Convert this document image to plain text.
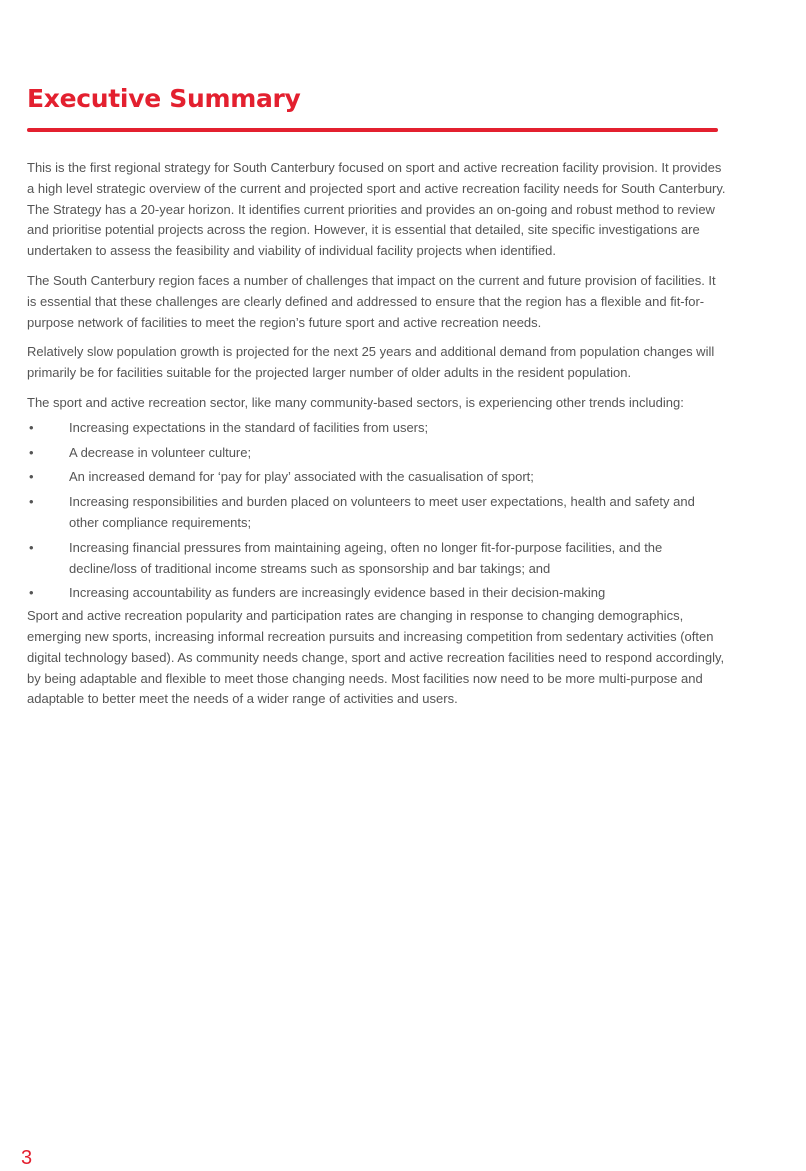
Executive Summary

This is the first regional strategy for South Canterbury focused on sport and active recreation facility provision. It provides a high level strategic overview of the current and projected sport and active recreation facility needs for South Canterbury. The Strategy has a 20-year horizon. It identifies current priorities and provides an on-going and robust method to review and prioritise potential projects across the region. However, it is essential that detailed, site specific investigations are undertaken to assess the feasibility and viability of individual facility projects when identified.

The South Canterbury region faces a number of challenges that impact on the current and future provision of facilities. It is essential that these challenges are clearly defined and addressed to ensure that the region has a flexible and fit-for-purpose network of facilities to meet the region’s future sport and active recreation needs.

Relatively slow population growth is projected for the next 25 years and additional demand from population changes will primarily be for facilities suitable for the projected larger number of older adults in the resident population.

The sport and active recreation sector, like many community-based sectors, is experiencing other trends including:

•	Increasing expectations in the standard of facilities from users;
•	A decrease in volunteer culture;
•	An increased demand for ‘pay for play’ associated with the casualisation of sport;
•	Increasing responsibilities and burden placed on volunteers to meet user expectations, health and safety and other compliance requirements;
•	Increasing financial pressures from maintaining ageing, often no longer fit-for-purpose facilities, and the decline/loss of traditional income streams such as sponsorship and bar takings; and
•	Increasing accountability as funders are increasingly evidence based in their decision-making

Sport and active recreation popularity and participation rates are changing in response to changing demographics, emerging new sports, increasing informal recreation pursuits and increasing competition from sedentary activities (often digital technology based). As community needs change, sport and active recreation facilities need to respond accordingly, by being adaptable and flexible to meet those changing needs. Most facilities now need to be more multi-purpose and adaptable to better meet the needs of a wider range of activities and users.

3
